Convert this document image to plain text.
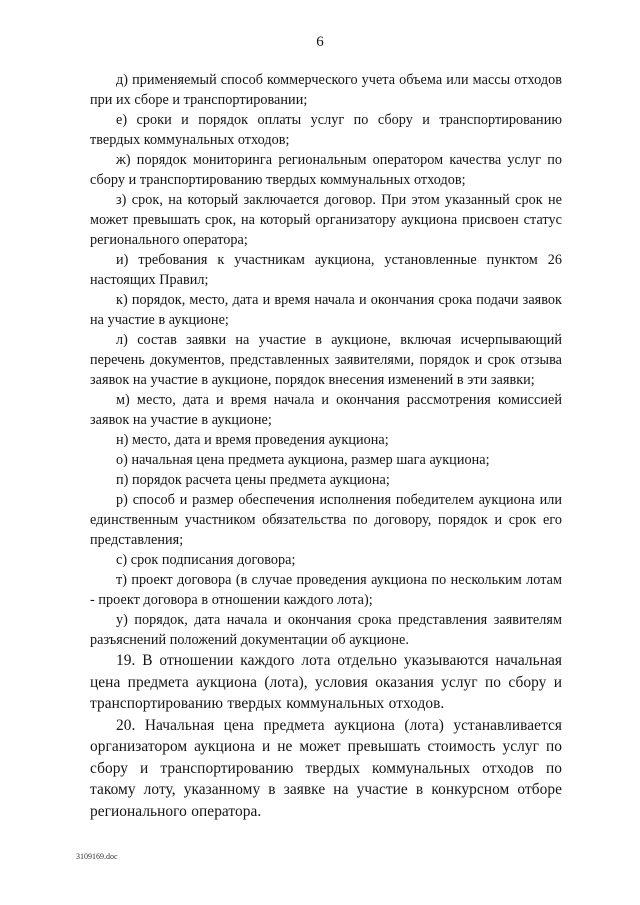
6

д) применяемый способ коммерческого учета объема или массы отходов при их сборе и транспортировании;

е) сроки и порядок оплаты услуг по сбору и транспортированию твердых коммунальных отходов;

ж) порядок мониторинга региональным оператором качества услуг по сбору и транспортированию твердых коммунальных отходов;

з) срок, на который заключается договор. При этом указанный срок не может превышать срок, на который организатору аукциона присвоен статус регионального оператора;

и) требования к участникам аукциона, установленные пунктом 26 настоящих Правил;

к) порядок, место, дата и время начала и окончания срока подачи заявок на участие в аукционе;

л) состав заявки на участие в аукционе, включая исчерпывающий перечень документов, представленных заявителями, порядок и срок отзыва заявок на участие в аукционе, порядок внесения изменений в эти заявки;

м) место, дата и время начала и окончания рассмотрения комиссией заявок на участие в аукционе;

н) место, дата и время проведения аукциона;

о) начальная цена предмета аукциона, размер шага аукциона;

п) порядок расчета цены предмета аукциона;

р) способ и размер обеспечения исполнения победителем аукциона или единственным участником обязательства по договору, порядок и срок его представления;

с) срок подписания договора;

т) проект договора (в случае проведения аукциона по нескольким лотам - проект договора в отношении каждого лота);

у) порядок, дата начала и окончания срока представления заявителям разъяснений положений документации об аукционе.

19. В отношении каждого лота отдельно указываются начальная цена предмета аукциона (лота), условия оказания услуг по сбору и транспортированию твердых коммунальных отходов.

20. Начальная цена предмета аукциона (лота) устанавливается организатором аукциона и не может превышать стоимость услуг по сбору и транспортированию твердых коммунальных отходов по такому лоту, указанному в заявке на участие в конкурсном отборе регионального оператора.

3109169.doc
